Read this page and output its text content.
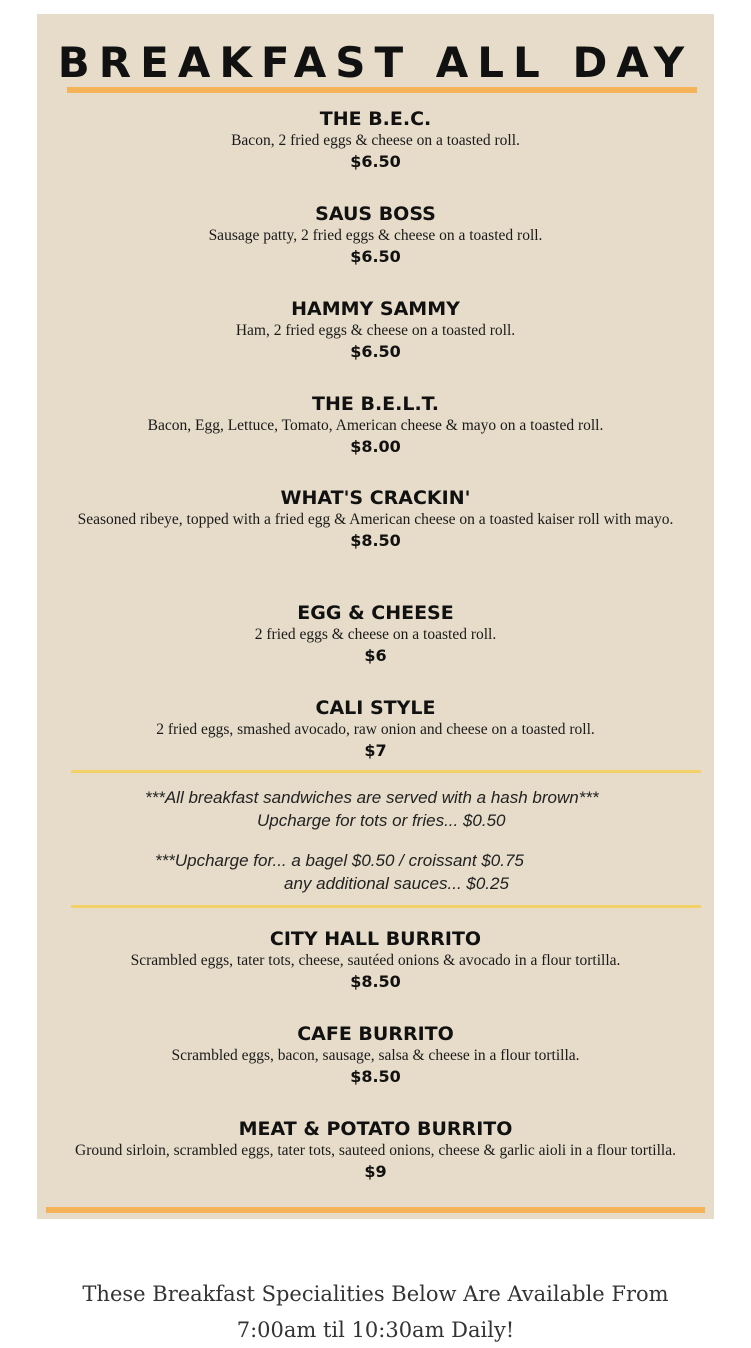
BREAKFAST ALL DAY
THE B.E.C.
Bacon, 2 fried eggs & cheese on a toasted roll.
$6.50
SAUS BOSS
Sausage patty, 2 fried eggs & cheese on a toasted roll.
$6.50
HAMMY SAMMY
Ham, 2 fried eggs & cheese on a toasted roll.
$6.50
THE B.E.L.T.
Bacon, Egg, Lettuce, Tomato, American cheese & mayo on a toasted roll.
$8.00
WHAT'S CRACKIN'
Seasoned ribeye, topped with a fried egg & American cheese on a toasted kaiser roll with mayo.
$8.50
EGG & CHEESE
2 fried eggs & cheese on a toasted roll.
$6
CALI STYLE
2 fried eggs, smashed avocado, raw onion and cheese on a toasted roll.
$7
***All breakfast sandwiches are served with a hash brown***
Upcharge for tots or fries... $0.50
***Upcharge for... a bagel $0.50 / croissant $0.75
any additional sauces... $0.25
CITY HALL BURRITO
Scrambled eggs, tater tots, cheese, sautéed onions & avocado in a flour tortilla.
$8.50
CAFE BURRITO
Scrambled eggs, bacon, sausage, salsa & cheese in a flour tortilla.
$8.50
MEAT & POTATO BURRITO
Ground sirloin, scrambled eggs, tater tots, sauteed onions, cheese & garlic aioli in a flour tortilla.
$9
These Breakfast Specialities Below Are Available From 7:00am til 10:30am Daily!
